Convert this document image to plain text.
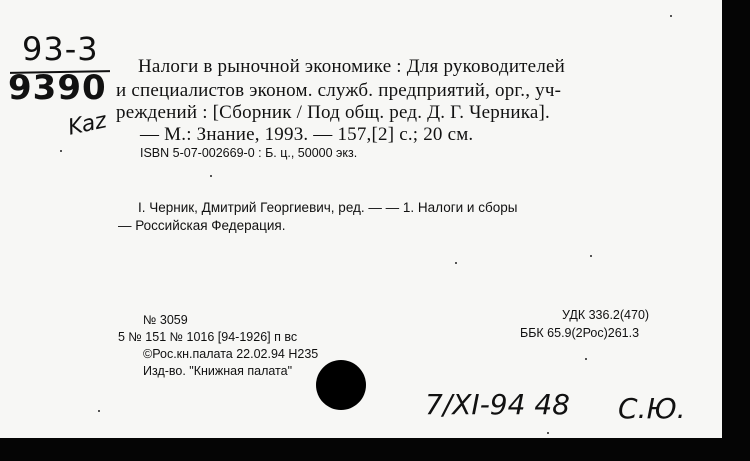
93-3
9390
Kaz
Налоги в рыночной экономике : Для руководителей
и специалистов эконом. служб. предприятий, орг., уч-
реждений : [Сборник / Под общ. ред. Д. Г. Черника].
— М.: Знание, 1993. — 157,[2] с.; 20 см.
ISBN 5-07-002669-0 : Б. ц., 50000 экз.
I. Черник, Дмитрий Георгиевич, ред. — — 1. Налоги и сборы
— Российская Федерация.
№ 3059
5 № 151 № 1016 [94-1926] п вс
©Рос.кн.палата 22.02.94 Н235
Изд-во. "Книжная палата"
УДК 336.2(470)
ББК 65.9(2Рос)261.3
7/XI-94 48 С.Ю.
